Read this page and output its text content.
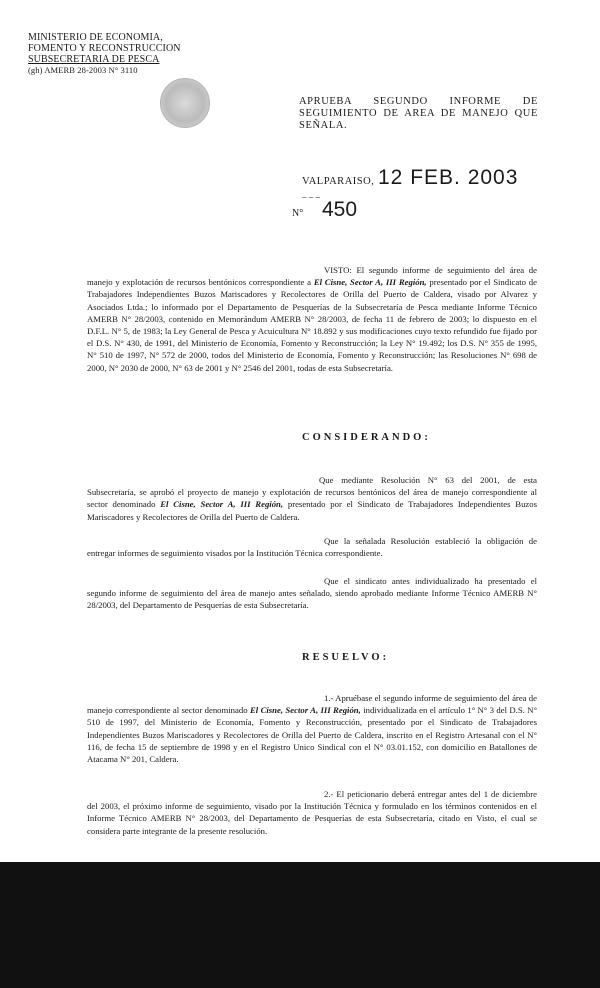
MINISTERIO DE ECONOMIA,
FOMENTO Y RECONSTRUCCION
SUBSECRETARIA DE PESCA
(gh) AMERB 28-2003 N° 3110
APRUEBA SEGUNDO INFORME DE SEGUIMIENTO DE AREA DE MANEJO QUE SEÑALA.
VALPARAISO, 12 FEB. 2003
– – –
N° 450
VISTO: El segundo informe de seguimiento del área de manejo y explotación de recursos bentónicos correspondiente a El Cisne, Sector A, III Región, presentado por el Sindicato de Trabajadores Independientes Buzos Mariscadores y Recolectores de Orilla del Puerto de Caldera, visado por Alvarez y Asociados Ltda.; lo informado por el Departamento de Pesquerías de la Subsecretaría de Pesca mediante Informe Técnico AMERB N° 28/2003, contenido en Memorándum AMERB N° 28/2003, de fecha 11 de febrero de 2003; lo dispuesto en el D.F.L. N° 5, de 1983; la Ley General de Pesca y Acuicultura N° 18.892 y sus modificaciones cuyo texto refundido fue fijado por el D.S. N° 430, de 1991, del Ministerio de Economía, Fomento y Reconstrucción; la Ley N° 19.492; los D.S. N° 355 de 1995, N° 510 de 1997, N° 572 de 2000, todos del Ministerio de Economía, Fomento y Reconstrucción; las Resoluciones N° 698 de 2000, N° 2030 de 2000, N° 63 de 2001 y N° 2546 del 2001, todas de esta Subsecretaría.
CONSIDERANDO:
Que mediante Resolución N° 63 del 2001, de esta Subsecretaría, se aprobó el proyecto de manejo y explotación de recursos bentónicos del área de manejo correspondiente al sector denominado El Cisne, Sector A, III Región, presentado por el Sindicato de Trabajadores Independientes Buzos Mariscadores y Recolectores de Orilla del Puerto de Caldera.
Que la señalada Resolución estableció la obligación de entregar informes de seguimiento visados por la Institución Técnica correspondiente.
Que el sindicato antes individualizado ha presentado el segundo informe de seguimiento del área de manejo antes señalado, siendo aprobado mediante Informe Técnico AMERB N° 28/2003, del Departamento de Pesquerías de esta Subsecretaría.
RESUELVO:
1.- Apruébase el segundo informe de seguimiento del área de manejo correspondiente al sector denominado El Cisne, Sector A, III Región, individualizada en el artículo 1° N° 3 del D.S. N° 510 de 1997, del Ministerio de Economía, Fomento y Reconstrucción, presentado por el Sindicato de Trabajadores Independientes Buzos Mariscadores y Recolectores de Orilla del Puerto de Caldera, inscrito en el Registro Artesanal con el N° 116, de fecha 15 de septiembre de 1998 y en el Registro Unico Sindical con el N° 03.01.152, con domicilio en Batallones de Atacama N° 201, Caldera.
2.- El peticionario deberá entregar antes del 1 de diciembre del 2003, el próximo informe de seguimiento, visado por la Institución Técnica y formulado en los términos contenidos en el Informe Técnico AMERB N° 28/2003, del Departamento de Pesquerías de esta Subsecretaría, citado en Visto, el cual se considera parte integrante de la presente resolución.
